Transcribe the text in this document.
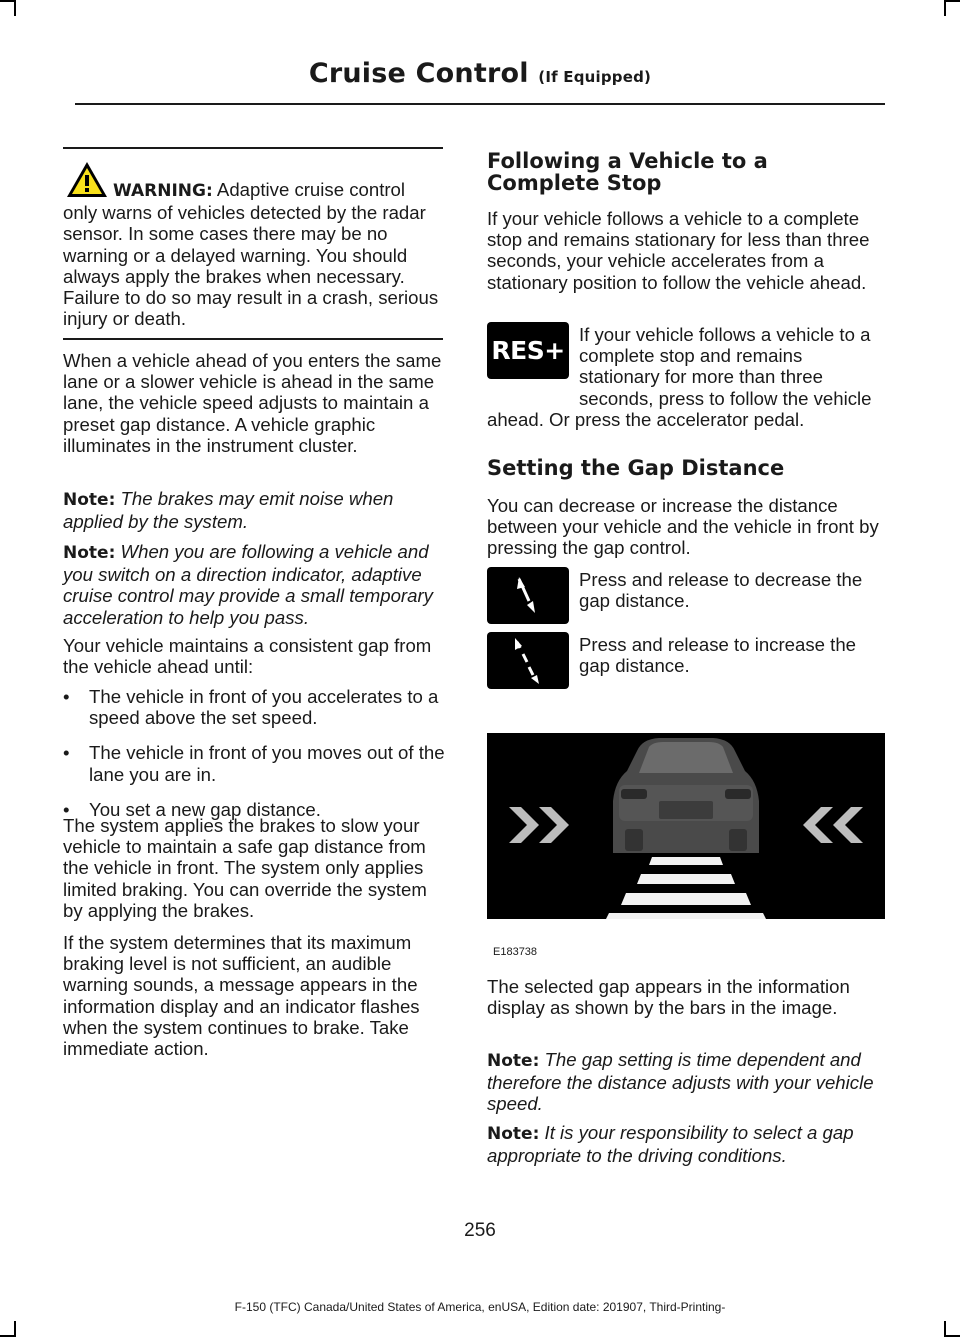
Cruise Control (If Equipped)
WARNING: Adaptive cruise control only warns of vehicles detected by the radar sensor. In some cases there may be no warning or a delayed warning. You should always apply the brakes when necessary. Failure to do so may result in a crash, serious injury or death.

When a vehicle ahead of you enters the same lane or a slower vehicle is ahead in the same lane, the vehicle speed adjusts to maintain a preset gap distance. A vehicle graphic illuminates in the instrument cluster.

Note: The brakes may emit noise when applied by the system.

Note: When you are following a vehicle and you switch on a direction indicator, adaptive cruise control may provide a small temporary acceleration to help you pass.

Your vehicle maintains a consistent gap from the vehicle ahead until:

• The vehicle in front of you accelerates to a speed above the set speed.
• The vehicle in front of you moves out of the lane you are in.
• You set a new gap distance.

The system applies the brakes to slow your vehicle to maintain a safe gap distance from the vehicle in front. The system only applies limited braking. You can override the system by applying the brakes.

If the system determines that its maximum braking level is not sufficient, an audible warning sounds, a message appears in the information display and an indicator flashes when the system continues to brake. Take immediate action.

Following a Vehicle to a Complete Stop

If your vehicle follows a vehicle to a complete stop and remains stationary for less than three seconds, your vehicle accelerates from a stationary position to follow the vehicle ahead.

RES+

If your vehicle follows a vehicle to a complete stop and remains stationary for more than three seconds, press to follow the vehicle ahead. Or press the accelerator pedal.

Setting the Gap Distance

You can decrease or increase the distance between your vehicle and the vehicle in front by pressing the gap control.

Press and release to decrease the gap distance.

Press and release to increase the gap distance.

The selected gap appears in the information display as shown by the bars in the image.

Note: The gap setting is time dependent and therefore the distance adjusts with your vehicle speed.

Note: It is your responsibility to select a gap appropriate to the driving conditions.

E183738
256
F-150 (TFC) Canada/United States of America, enUSA, Edition date: 201907, Third-Printing-
